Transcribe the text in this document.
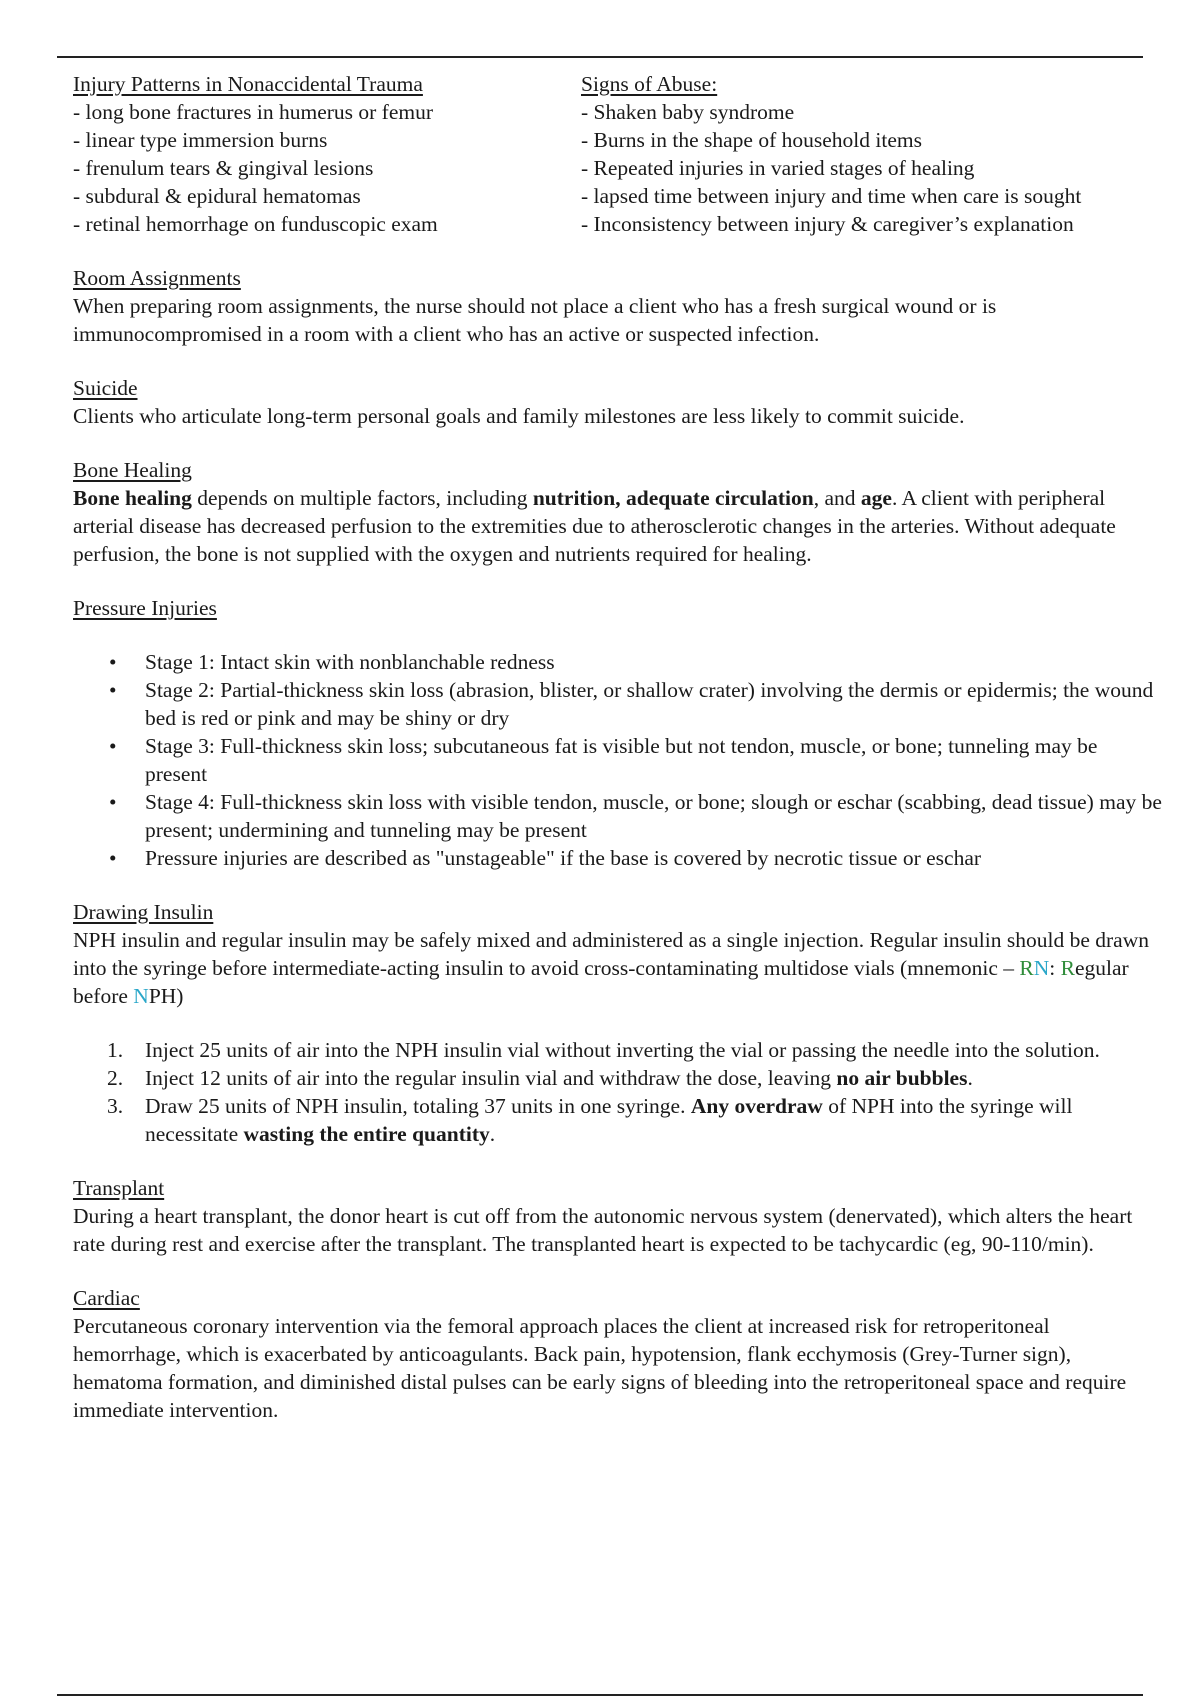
Injury Patterns in Nonaccidental Trauma
- long bone fractures in humerus or femur
- linear type immersion burns
- frenulum tears & gingival lesions
- subdural & epidural hematomas
- retinal hemorrhage on funduscopic exam
Signs of Abuse:
- Shaken baby syndrome
- Burns in the shape of household items
- Repeated injuries in varied stages of healing
- lapsed time between injury and time when care is sought
- Inconsistency between injury & caregiver’s explanation
Room Assignments

When preparing room assignments, the nurse should not place a client who has a fresh surgical wound or is immunocompromised in a room with a client who has an active or suspected infection.

Suicide

Clients who articulate long-term personal goals and family milestones are less likely to commit suicide.

Bone Healing

Bone healing depends on multiple factors, including nutrition, adequate circulation, and age. A client with peripheral arterial disease has decreased perfusion to the extremities due to atherosclerotic changes in the arteries. Without adequate perfusion, the bone is not supplied with the oxygen and nutrients required for healing.

Pressure Injuries
• Stage 1: Intact skin with nonblanchable redness
• Stage 2: Partial-thickness skin loss (abrasion, blister, or shallow crater) involving the dermis or epidermis; the wound bed is red or pink and may be shiny or dry
• Stage 3: Full-thickness skin loss; subcutaneous fat is visible but not tendon, muscle, or bone; tunneling may be present
• Stage 4: Full-thickness skin loss with visible tendon, muscle, or bone; slough or eschar (scabbing, dead tissue) may be present; undermining and tunneling may be present
• Pressure injuries are described as "unstageable" if the base is covered by necrotic tissue or eschar
Drawing Insulin

NPH insulin and regular insulin may be safely mixed and administered as a single injection. Regular insulin should be drawn into the syringe before intermediate-acting insulin to avoid cross-contaminating multidose vials (mnemonic – RN: Regular before NPH)

1. Inject 25 units of air into the NPH insulin vial without inverting the vial or passing the needle into the solution.
2. Inject 12 units of air into the regular insulin vial and withdraw the dose, leaving no air bubbles.
3. Draw 25 units of NPH insulin, totaling 37 units in one syringe. Any overdraw of NPH into the syringe will necessitate wasting the entire quantity.
Transplant

During a heart transplant, the donor heart is cut off from the autonomic nervous system (denervated), which alters the heart rate during rest and exercise after the transplant. The transplanted heart is expected to be tachycardic (eg, 90-110/min).

Cardiac

Percutaneous coronary intervention via the femoral approach places the client at increased risk for retroperitoneal hemorrhage, which is exacerbated by anticoagulants. Back pain, hypotension, flank ecchymosis (Grey-Turner sign), hematoma formation, and diminished distal pulses can be early signs of bleeding into the retroperitoneal space and require immediate intervention.
